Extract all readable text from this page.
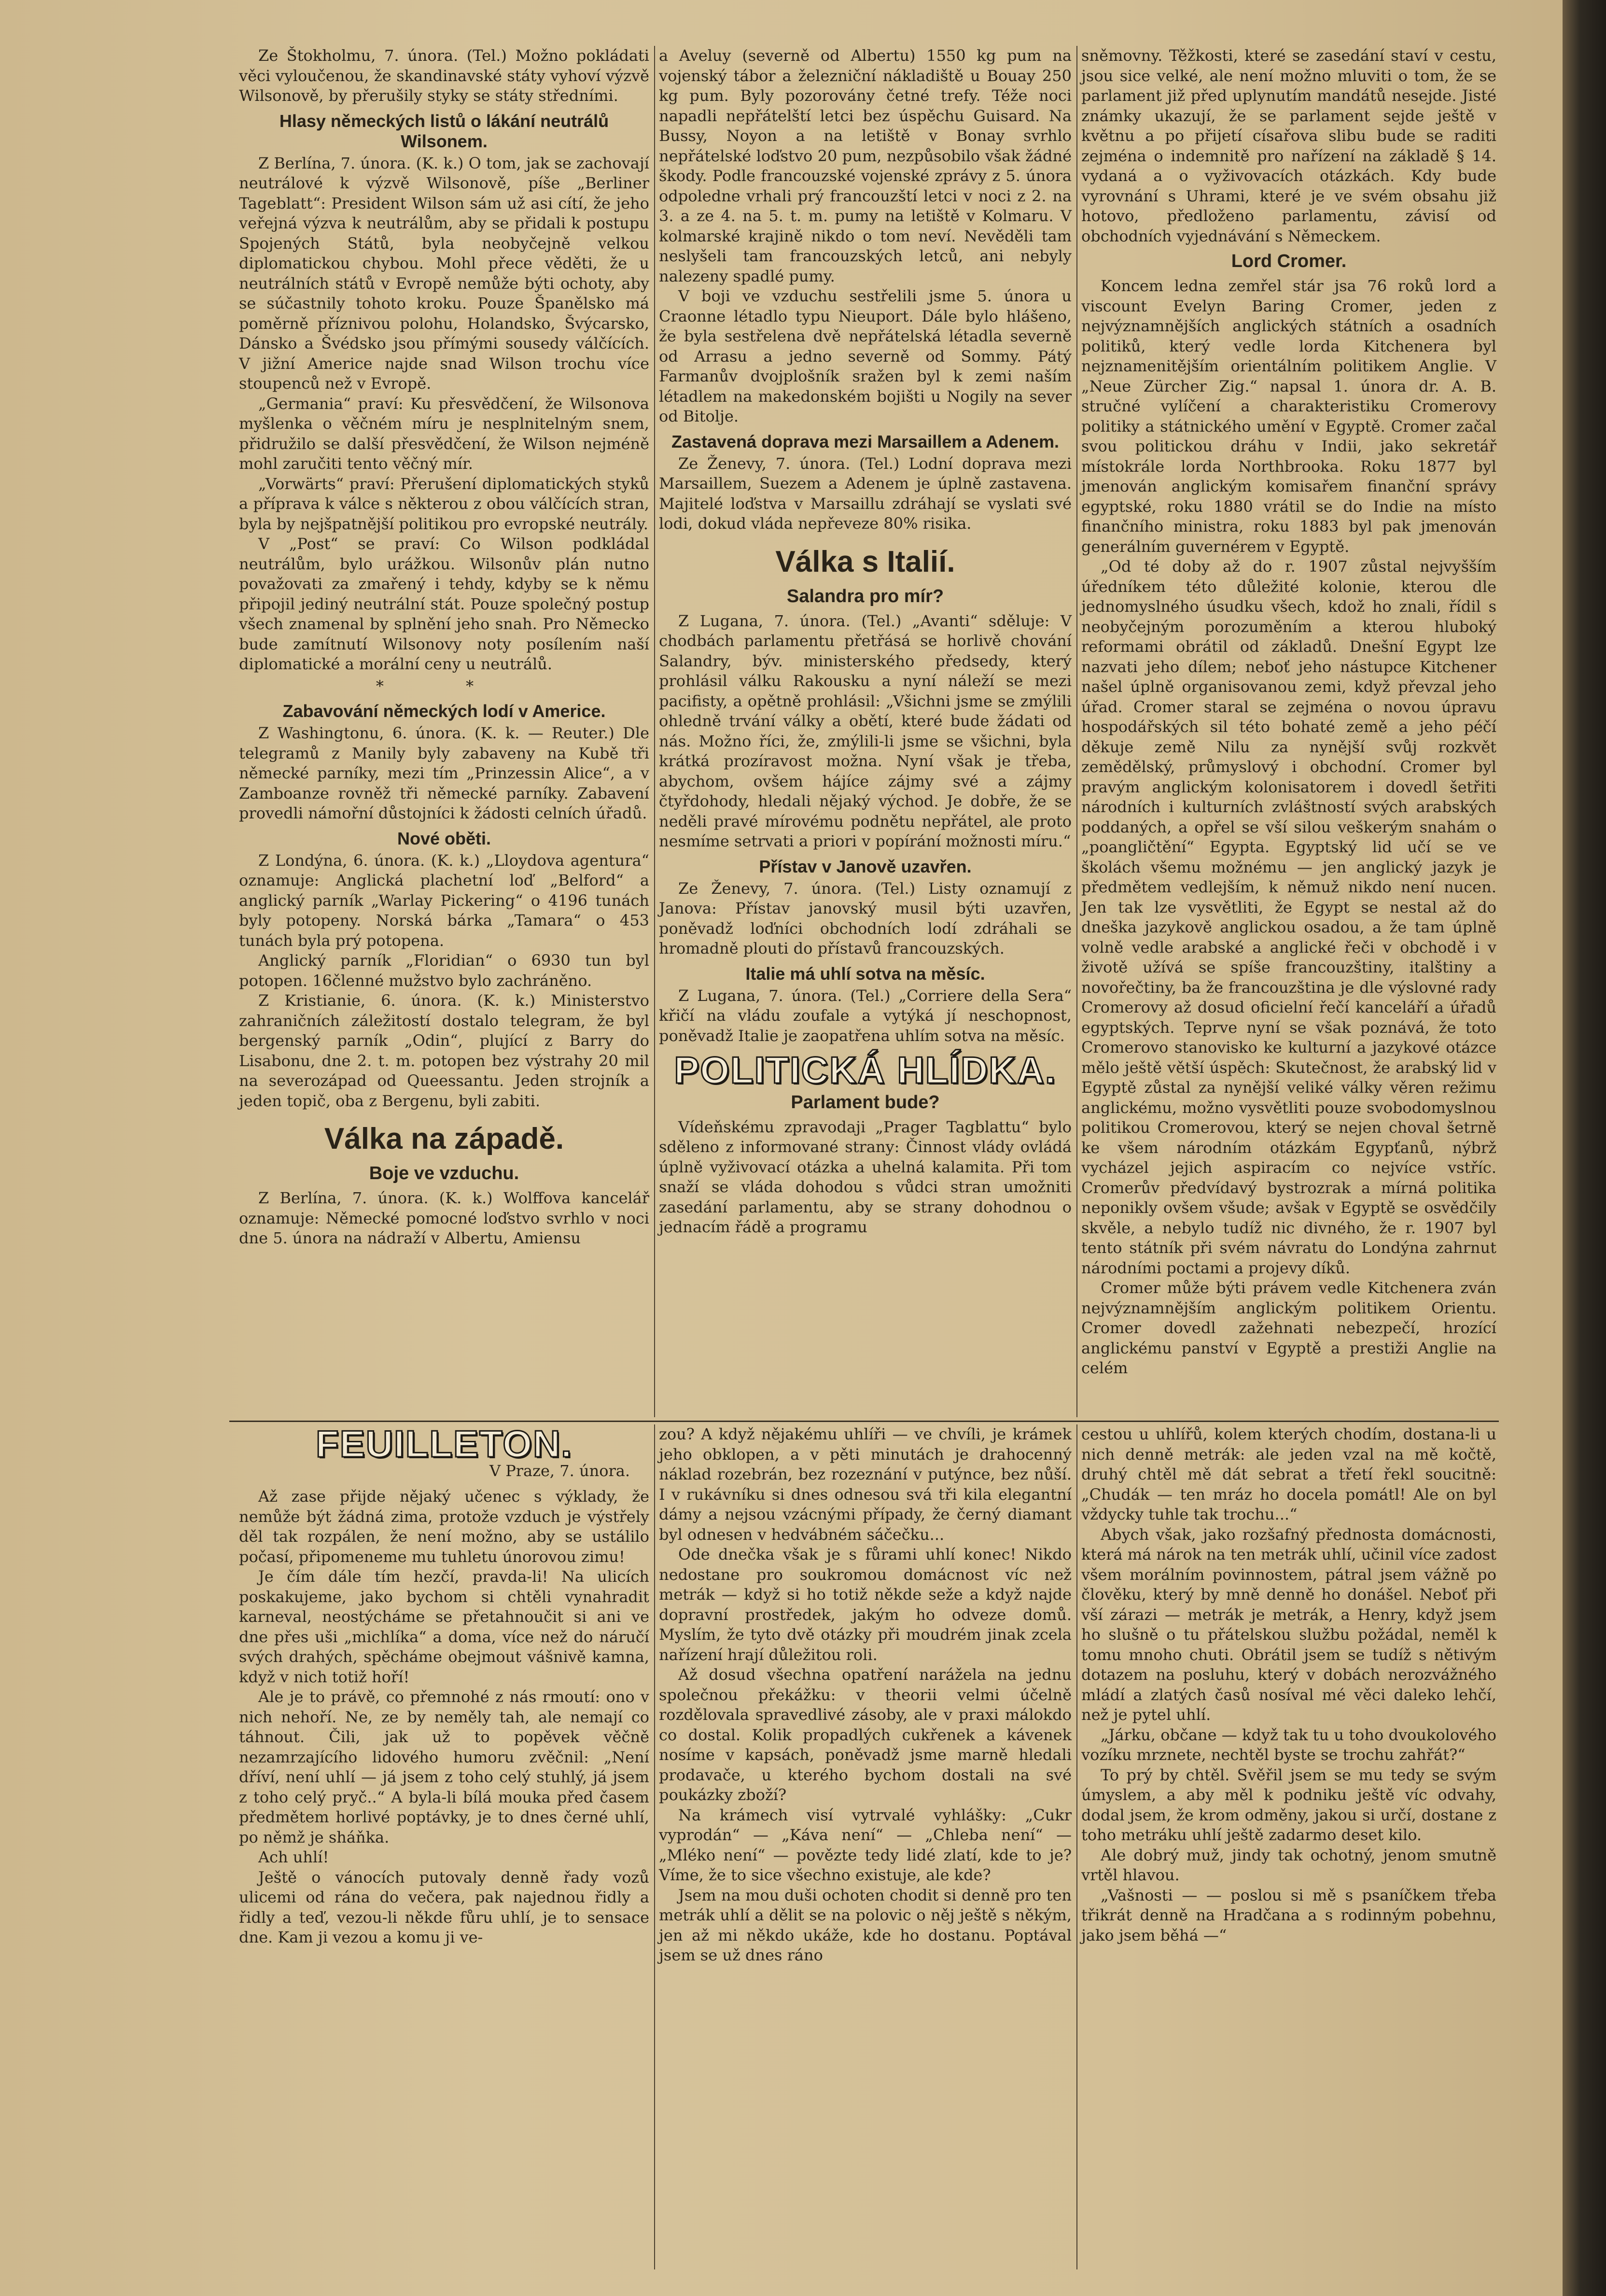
Ze Štokholmu, 7. února. (Tel.) Možno pokládati věci vyloučenou, že skandinavské státy vyhoví výzvě Wilsonově, by přerušily styky se státy středními.

Hlasy německých listů o lákání neutrálů Wilsonem.

Z Berlína, 7. února. (K. k.) O tom, jak se zachovají neutrálové k výzvě Wilsonově, píše „Berliner Tageblatt“: President Wilson sám už asi cítí, že jeho veřejná výzva k neutrálům, aby se přidali k postupu Spojených Států, byla neobyčejně velkou diplomatickou chybou. Mohl přece věděti, že u neutrálních států v Evropě nemůže býti ochoty, aby se súčastnily tohoto kroku. Pouze Španělsko má poměrně příznivou polohu, Holandsko, Švýcarsko, Dánsko a Švédsko jsou přímými sousedy válčících. V jižní Americe najde snad Wilson trochu více stoupenců než v Evropě.

„Germania“ praví: Ku přesvědčení, že Wilsonova myšlenka o věčném míru je nesplnitelným snem, přidružilo se další přesvědčení, že Wilson nejméně mohl zaručiti tento věčný mír.

„Vorwärts“ praví: Přerušení diplomatických styků a příprava k válce s některou z obou válčících stran, byla by nejšpatnější politikou pro evropské neutrály.

V „Post“ se praví: Co Wilson podkládal neutrálům, bylo urážkou. Wilsonův plán nutno považovati za zmařený i tehdy, kdyby se k němu připojil jediný neutrální stát. Pouze společný postup všech znamenal by splnění jeho snah. Pro Německo bude zamítnutí Wilsonovy noty posílením naší diplomatické a morální ceny u neutrálů.

* *
Zabavování německých lodí v Americe.

Z Washingtonu, 6. února. (K. k. — Reuter.) Dle telegramů z Manily byly zabaveny na Kubě tři německé parníky, mezi tím „Prinzessin Alice“, a v Zamboanze rovněž tři německé parníky. Zabavení provedli námořní důstojníci k žádosti celních úřadů.

Nové oběti.

Z Londýna, 6. února. (K. k.) „Lloydova agentura“ oznamuje: Anglická plachetní loď „Belford“ a anglický parník „Warlay Pickering“ o 4196 tunách byly potopeny. Norská bárka „Tamara“ o 453 tunách byla prý potopena.

Anglický parník „Floridian“ o 6930 tun byl potopen. 16členné mužstvo bylo zachráněno.

Z Kristianie, 6. února. (K. k.) Ministerstvo zahraničních záležitostí dostalo telegram, že byl bergenský parník „Odin“, plující z Barry do Lisabonu, dne 2. t. m. potopen bez výstrahy 20 mil na severozápad od Queessantu. Jeden strojník a jeden topič, oba z Bergenu, byli zabiti.

Válka na západě.
Boje ve vzduchu.

Z Berlína, 7. února. (K. k.) Wolffova kancelář oznamuje: Německé pomocné loďstvo svrhlo v noci dne 5. února na nádraží v Albertu, Amiensu

a Aveluy (severně od Albertu) 1550 kg pum na vojenský tábor a železniční nákladiště u Bouay 250 kg pum. Byly pozorovány četné trefy. Téže noci napadli nepřátelští letci bez úspěchu Guisard. Na Bussy, Noyon a na letiště v Bonay svrhlo nepřátelské loďstvo 20 pum, nezpůsobilo však žádné škody. Podle francouzské vojenské zprávy z 5. února odpoledne vrhali prý francouzští letci v noci z 2. na 3. a ze 4. na 5. t. m. pumy na letiště v Kolmaru. V kolmarské krajině nikdo o tom neví. Nevěděli tam neslyšeli tam francouzských letců, ani nebyly nalezeny spadlé pumy.

V boji ve vzduchu sestřelili jsme 5. února u Craonne létadlo typu Nieuport. Dále bylo hlášeno, že byla sestřelena dvě nepřátelská létadla severně od Arrasu a jedno severně od Sommy. Pátý Farmanův dvojplošník sražen byl k zemi naším létadlem na makedonském bojišti u Nogily na sever od Bitolje.

Zastavená doprava mezi Marsaillem a Adenem.

Ze Ženevy, 7. února. (Tel.) Lodní doprava mezi Marsaillem, Suezem a Adenem je úplně zastavena. Majitelé loďstva v Marsaillu zdráhají se vyslati své lodi, dokud vláda nepřeveze 80% risika.

Válka s Italií.
Salandra pro mír?

Z Lugana, 7. února. (Tel.) „Avanti“ sděluje: V chodbách parlamentu přetřásá se horlivě chování Salandry, býv. ministerského předsedy, který prohlásil válku Rakousku a nyní náleží se mezi pacifisty, a opětně prohlásil: „Všichni jsme se zmýlili ohledně trvání války a obětí, které bude žádati od nás. Možno říci, že, zmýlili-li jsme se všichni, byla krátká prozíravost možna. Nyní však je třeba, abychom, ovšem hájíce zájmy své a zájmy čtyřdohody, hledali nějaký východ. Je dobře, že se neděli pravé mírovému podnětu nepřátel, ale proto nesmíme setrvati a priori v popírání možnosti míru.“

Přístav v Janově uzavřen.

Ze Ženevy, 7. února. (Tel.) Listy oznamují z Janova: Přístav janovský musil býti uzavřen, poněvadž loďníci obchodních lodí zdráhali se hromadně plouti do přístavů francouzských.

Italie má uhlí sotva na měsíc.

Z Lugana, 7. února. (Tel.) „Corriere della Sera“ křičí na vládu zoufale a vytýká jí neschopnost, poněvadž Italie je zaopatřena uhlím sotva na měsíc.

POLITICKÁ HLÍDKA.
Parlament bude?

Vídeňskému zpravodaji „Prager Tagblattu“ bylo sděleno z informované strany: Činnost vlády ovládá úplně vyživovací otázka a uhelná kalamita. Při tom snaží se vláda dohodou s vůdci stran umožniti zasedání parlamentu, aby se strany dohodnou o jednacím řádě a programu

sněmovny. Těžkosti, které se zasedání staví v cestu, jsou sice velké, ale není možno mluviti o tom, že se parlament již před uplynutím mandátů nesejde. Jisté známky ukazují, že se parlament sejde ještě v květnu a po přijetí císařova slibu bude se raditi zejména o indemnitě pro nařízení na základě § 14. vydaná a o vyživovacích otázkách. Kdy bude vyrovnání s Uhrami, které je ve svém obsahu již hotovo, předloženo parlamentu, závisí od obchodních vyjednávání s Německem.

Lord Cromer.

Koncem ledna zemřel stár jsa 76 roků lord a viscount Evelyn Baring Cromer, jeden z nejvýznamnějších anglických státních a osadních politiků, který vedle lorda Kitchenera byl nejznamenitějším orientálním politikem Anglie. V „Neue Zürcher Zig.“ napsal 1. února dr. A. B. stručné vylíčení a charakteristiku Cromerovy politiky a státnického umění v Egyptě. Cromer začal svou politickou dráhu v Indii, jako sekretář místokrále lorda Northbrooka. Roku 1877 byl jmenován anglickým komisařem finanční správy egyptské, roku 1880 vrátil se do Indie na místo finančního ministra, roku 1883 byl pak jmenován generálním guvernérem v Egyptě.

„Od té doby až do r. 1907 zůstal nejvyšším úředníkem této důležité kolonie, kterou dle jednomyslného úsudku všech, kdož ho znali, řídil s neobyčejným porozuměním a kterou hluboký reformami obrátil od základů. Dnešní Egypt lze nazvati jeho dílem; neboť jeho nástupce Kitchener našel úplně organisovanou zemi, když převzal jeho úřad. Cromer staral se zejména o novou úpravu hospodářských sil této bohaté země a jeho péčí děkuje země Nilu za nynější svůj rozkvět zemědělský, průmyslový i obchodní. Cromer byl pravým anglickým kolonisatorem i dovedl šetřiti národních i kulturních zvláštností svých arabských poddaných, a opřel se vší silou veškerým snahám o „poangličtění“ Egypta. Egyptský lid učí se ve školách všemu možnému — jen anglický jazyk je předmětem vedlejším, k němuž nikdo není nucen. Jen tak lze vysvětliti, že Egypt se nestal až do dneška jazykově anglickou osadou, a že tam úplně volně vedle arabské a anglické řeči v obchodě i v životě užívá se spíše francouzštiny, italštiny a novořečtiny, ba že francouzština je dle výslovné rady Cromerovy až dosud oficielní řečí kanceláří a úřadů egyptských. Teprve nyní se však poznává, že toto Cromerovo stanovisko ke kulturní a jazykové otázce mělo ještě větší úspěch: Skutečnost, že arabský lid v Egyptě zůstal za nynější veliké války věren režimu anglickému, možno vysvětliti pouze svobodomyslnou politikou Cromerovou, který se nejen choval šetrně ke všem národním otázkám Egypťanů, nýbrž vycházel jejich aspiracím co nejvíce vstříc. Cromerův předvídavý bystrozrak a mírná politika neponikly ovšem všude; avšak v Egyptě se osvědčily skvěle, a nebylo tudíž nic divného, že r. 1907 byl tento státník při svém návratu do Londýna zahrnut národními poctami a projevy díků.

Cromer může býti právem vedle Kitchenera zván nejvýznamnějším anglickým politikem Orientu. Cromer dovedl zažehnati nebezpečí, hrozící anglickému panství v Egyptě a prestiži Anglie na celém

FEUILLETON.
V Praze, 7. února.

Až zase přijde nějaký učenec s výklady, že nemůže být žádná zima, protože vzduch je výstřely děl tak rozpálen, že není možno, aby se ustálilo počasí, připomeneme mu tuhletu únorovou zimu!

Je čím dále tím hezčí, pravda-li! Na ulicích poskakujeme, jako bychom si chtěli vynahradit karneval, neostýcháme se přetahnoučit si ani ve dne přes uši „michlíka“ a doma, více než do náručí svých drahých, spěcháme obejmout vášnivě kamna, když v nich totiž hoří!

Ale je to právě, co přemnohé z nás rmoutí: ono v nich nehoří. Ne, ze by neměly tah, ale nemají co táhnout. Čili, jak už to popěvek věčně nezamrzajícího lidového humoru zvěčnil: „Není dříví, není uhlí — já jsem z toho celý stuhlý, já jsem z toho celý pryč..“ A byla-li bílá mouka před časem předmětem horlivé poptávky, je to dnes černé uhlí, po němž je sháňka.

Ach uhlí!

Ještě o vánocích putovaly denně řady vozů ulicemi od rána do večera, pak najednou řidly a řidly a teď, vezou-li někde fůru uhlí, je to sensace dne. Kam ji vezou a komu ji ve-

zou? A když nějakému uhlíři — ve chvíli, je krámek jeho obklopen, a v pěti minutách je drahocenný náklad rozebrán, bez rozeznání v putýnce, bez nůší. I v rukávníku si dnes odnesou svá tři kila elegantní dámy a nejsou vzácnými případy, že černý diamant byl odnesen v hedvábném sáčečku...

Ode dnečka však je s fůrami uhlí konec! Nikdo nedostane pro soukromou domácnost víc než metrák — když si ho totiž někde seže a když najde dopravní prostředek, jakým ho odveze domů. Myslím, že tyto dvě otázky při moudrém jinak zcela nařízení hrají důležitou roli.

Až dosud všechna opatření narážela na jednu společnou překážku: v theorii velmi účelně rozdělovala spravedlivé zásoby, ale v praxi málokdo co dostal. Kolik propadlých cukřenek a kávenek nosíme v kapsách, poněvadž jsme marně hledali prodavače, u kterého bychom dostali na své poukázky zboží?

Na krámech visí vytrvalé vyhlášky: „Cukr vyprodán“ — „Káva není“ — „Chleba není“ — „Mléko není“ — povězte tedy lidé zlatí, kde to je? Víme, že to sice všechno existuje, ale kde?

Jsem na mou duši ochoten chodit si denně pro ten metrák uhlí a dělit se na polovic o něj ještě s někým, jen až mi někdo ukáže, kde ho dostanu. Poptával jsem se už dnes ráno

cestou u uhlířů, kolem kterých chodím, dostana-li u nich denně metrák: ale jeden vzal na mě kočtě, druhý chtěl mě dát sebrat a třetí řekl soucitně: „Chudák — ten mráz ho docela pomátl! Ale on byl vždycky tuhle tak trochu...“

Abych však, jako rozšafný přednosta domácnosti, která má nárok na ten metrák uhlí, učinil více zadost všem morálním povinnostem, pátral jsem vážně po člověku, který by mně denně ho donášel. Neboť při vší zárazi — metrák je metrák, a Henry, když jsem ho slušně o tu přátelskou službu požádal, neměl k tomu mnoho chuti. Obrátil jsem se tudíž s nětivým dotazem na posluhu, který v dobách nerozvážného mládí a zlatých časů nosíval mé věci daleko lehčí, než je pytel uhlí.

„Járku, občane — když tak tu u toho dvoukolového vozíku mrznete, nechtěl byste se trochu zahřát?“

To prý by chtěl. Svěřil jsem se mu tedy se svým úmyslem, a aby měl k podniku ještě víc odvahy, dodal jsem, že krom odměny, jakou si určí, dostane z toho metráku uhlí ještě zadarmo deset kilo.

Ale dobrý muž, jindy tak ochotný, jenom smutně vrtěl hlavou.

„Vašnosti — — poslou si mě s psaníčkem třeba třikrát denně na Hradčana a s rodinným pobehnu, jako jsem běhá —“
